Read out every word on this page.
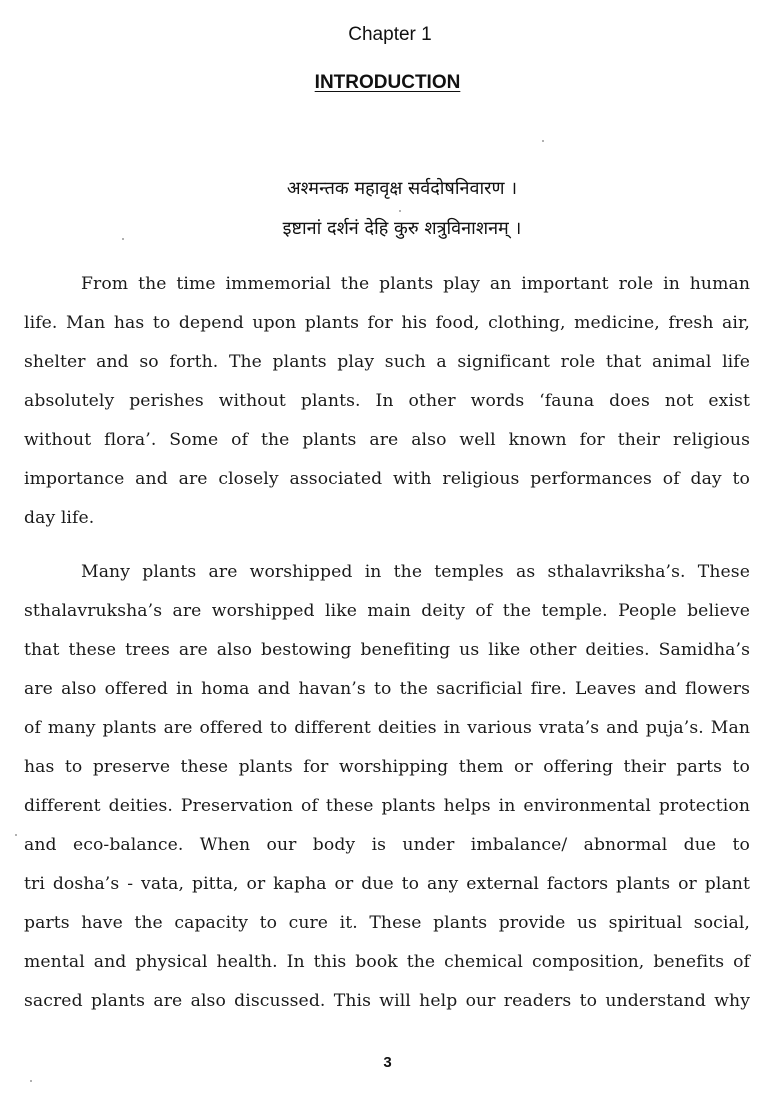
Chapter 1
INTRODUCTION
अश्मन्तक महावृक्ष सर्वदोषनिवारण ।
इष्टानां दर्शनं देहि कुरु शत्रुविनाशनम् ।
From the time immemorial the plants play an important role in human
life. Man has to depend upon plants for his food, clothing, medicine, fresh air,
shelter and so forth. The plants play such a significant role that animal life
absolutely perishes without plants. In other words ‘fauna does not exist
without flora’. Some of the plants are also well known for their religious
importance and are closely associated with religious performances of day to
day life.
Many plants are worshipped in the temples as sthalavriksha’s. These
sthalavruksha’s are worshipped like main deity of the temple. People believe
that these trees are also bestowing benefiting us like other deities. Samidha’s
are also offered in homa and havan’s to the sacrificial fire. Leaves and flowers
of many plants are offered to different deities in various vrata’s and puja’s. Man
has to preserve these plants for worshipping them or offering their parts to
different deities. Preservation of these plants helps in environmental protection
and eco-balance. When our body is under imbalance/ abnormal due to
tri dosha’s - vata, pitta, or kapha or due to any external factors plants or plant
parts have the capacity to cure it. These plants provide us spiritual social,
mental and physical health. In this book the chemical composition, benefits of
sacred plants are also discussed. This will help our readers to understand why
3
